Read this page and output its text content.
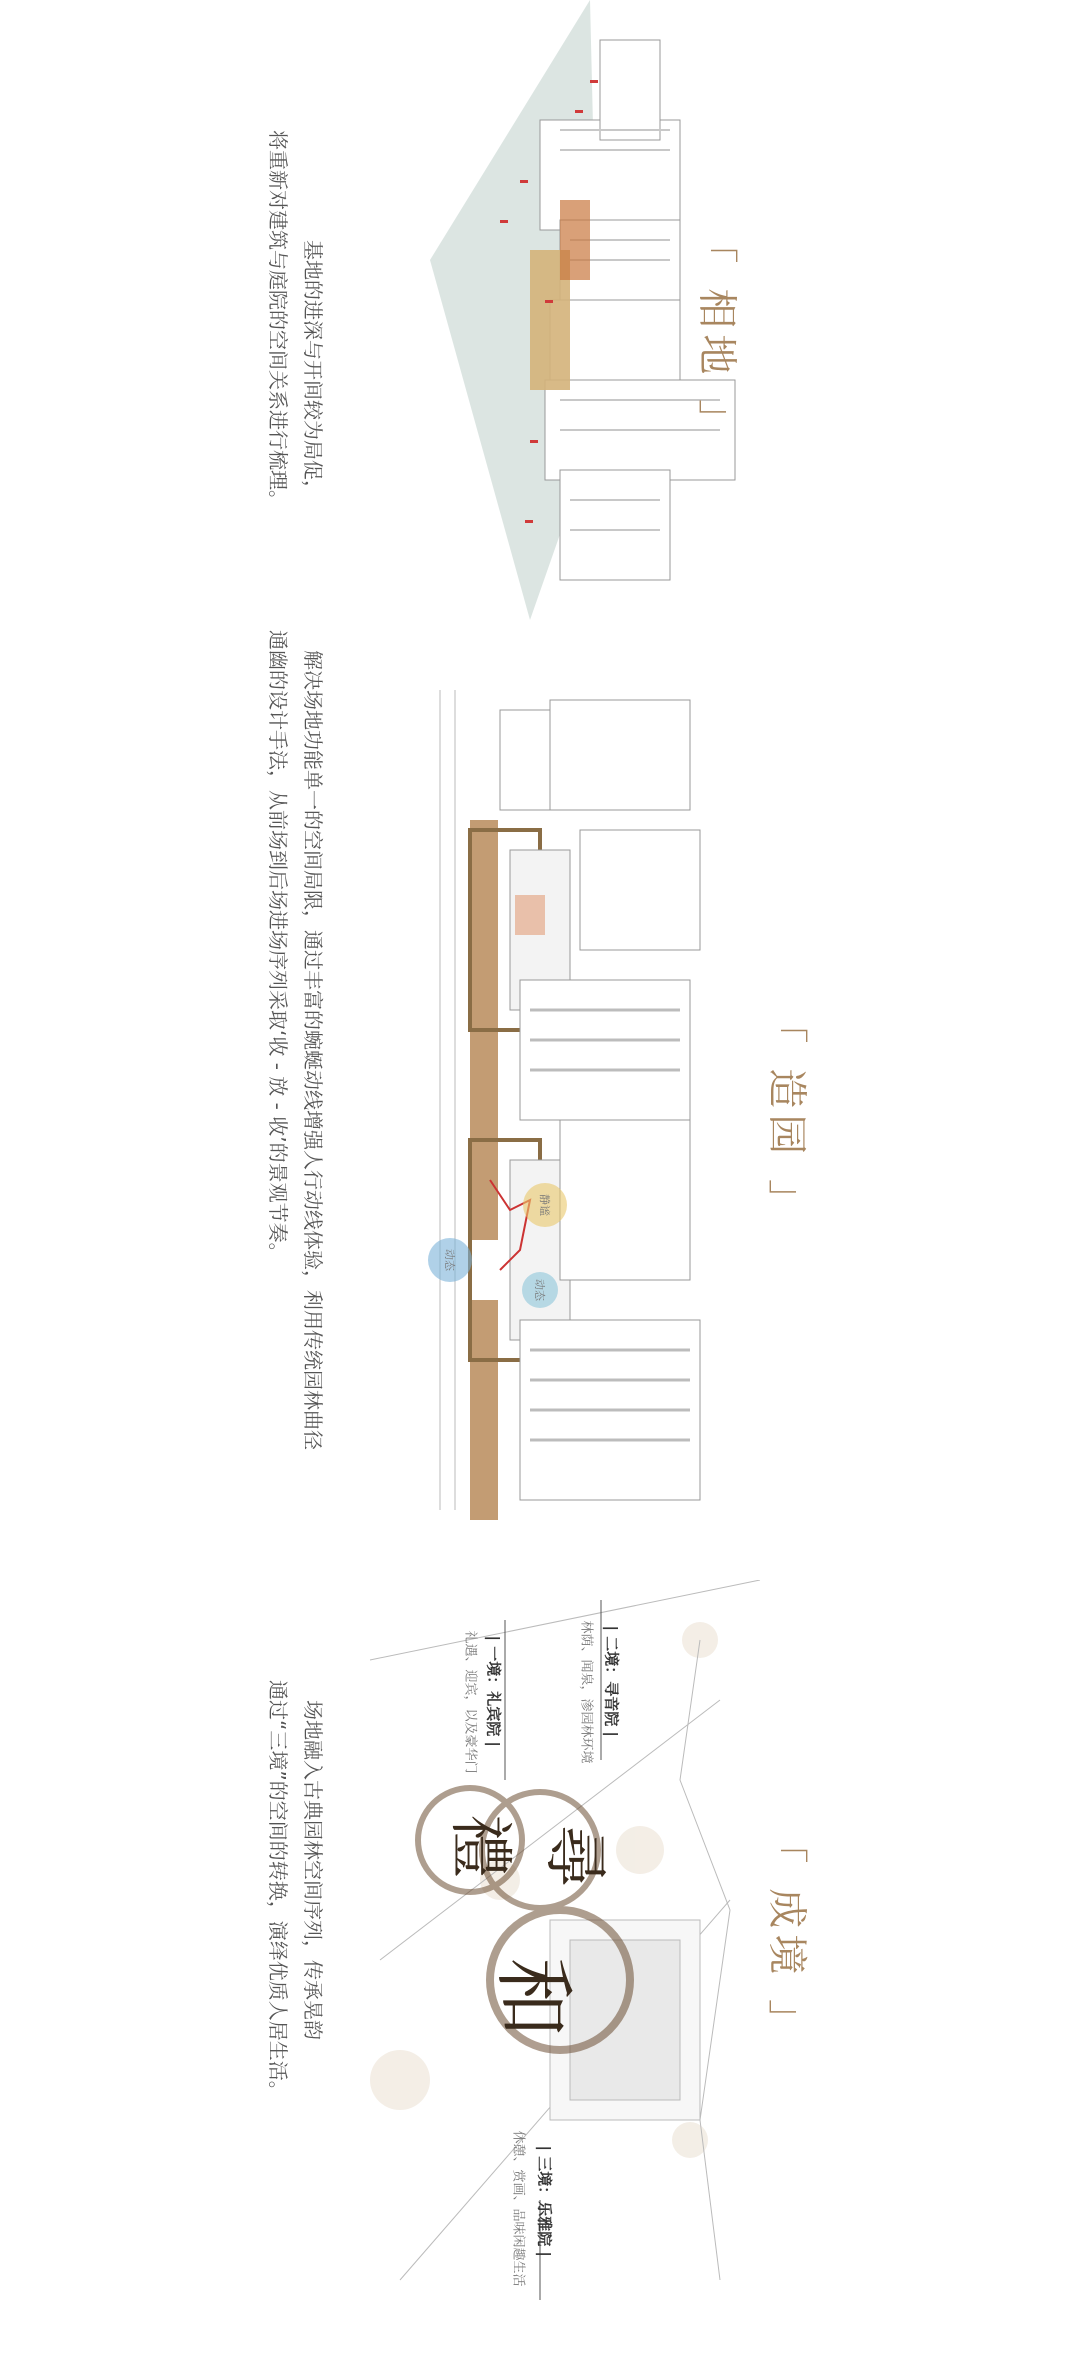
「 相地 」
基地的进深与开间较为局促，
将重新对建筑与庭院的空间关系进行梳理。
静谧
动态
动态
「 造园 」
解决场地功能单一的空间局限，通过丰富的蜿蜒动线增强人行动线体验，利用传统园林曲径
通幽的设计手法，从前场到后场进场序列采取‘收 - 放 - 收’的景观节奏。
禮 尋
和
| 一境：礼宾院 |
礼遇、迎宾，以及豪华门	| 二境：寻音院 |
林荫、闻泉，渗园林环境
| 三境：乐雅院 |
休憩、赏画、品味闲趣生活
「 成境 」
场地融入古典园林空间序列，传承晃韵
通过“三境”的空间的转换，演绎优质人居生活。
